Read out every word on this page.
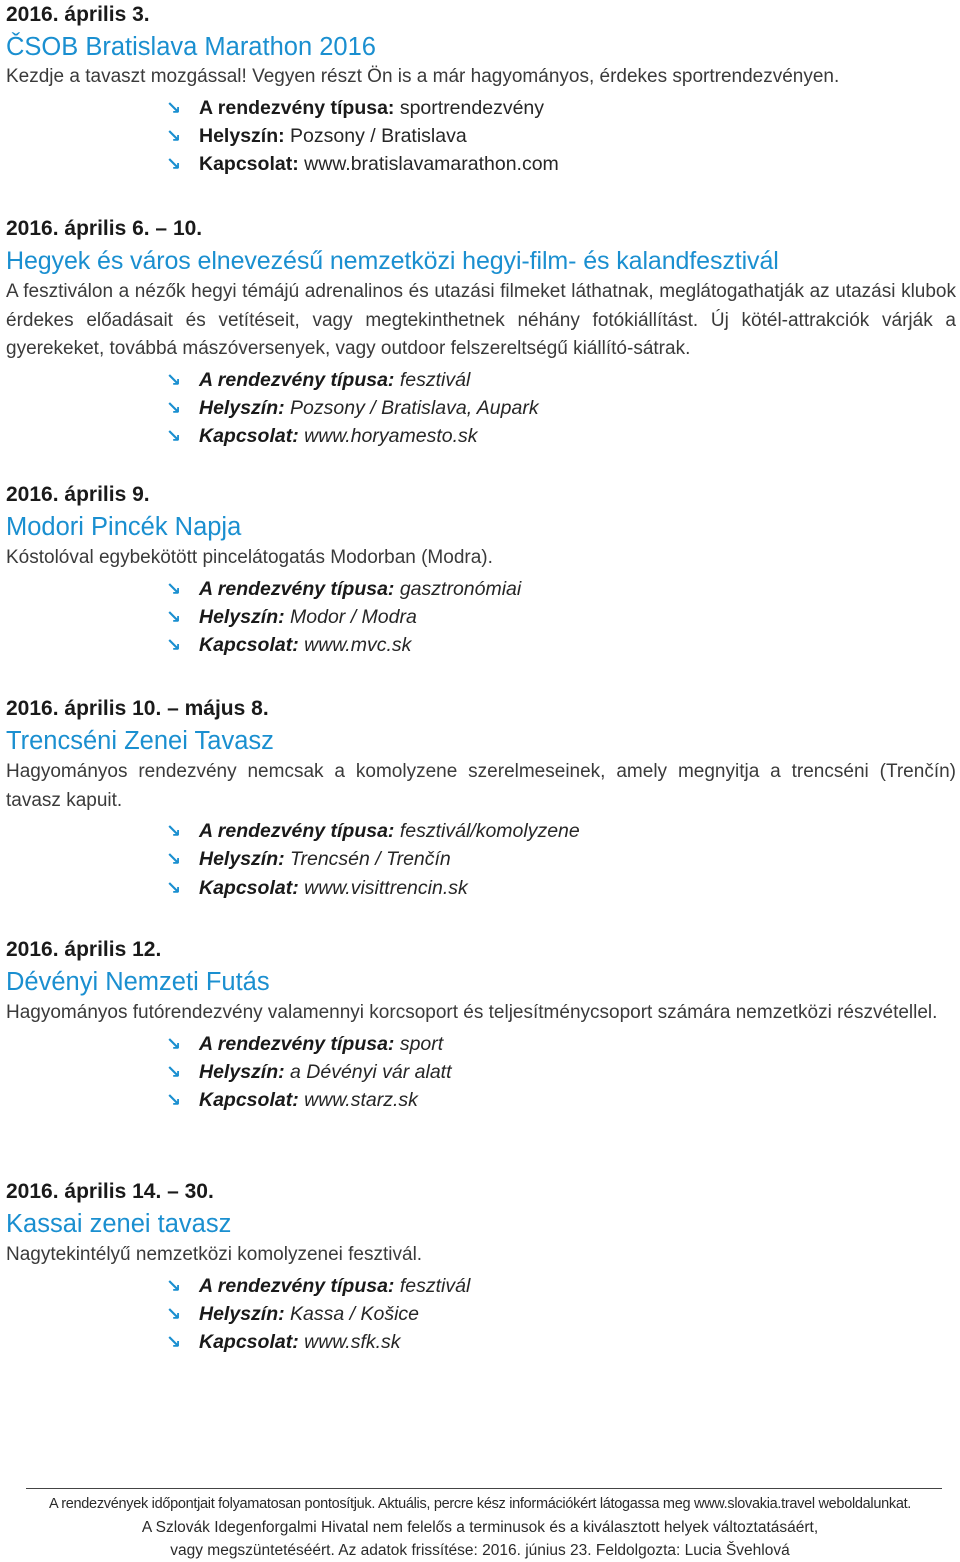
2016. április 3.
ČSOB Bratislava Marathon 2016
Kezdje a tavaszt mozgással! Vegyen részt Ön is a már hagyományos, érdekes sportrendezvényen.
↘ A rendezvény típusa: sportrendezvény
↘ Helyszín: Pozsony / Bratislava
↘ Kapcsolat: www.bratislavamarathon.com
2016. április 6. – 10.
Hegyek és város elnevezésű nemzetközi hegyi-film- és kalandfesztivál
A fesztiválon a nézők hegyi témájú adrenalinos és utazási filmeket láthatnak, meglátogathatják az utazási klubok érdekes előadásait és vetítéseit, vagy megtekinthetnek néhány fotókiállítást. Új kötél-attrakciók várják a gyerekeket, továbbá mászóversenyek, vagy outdoor felszereltségű kiállító-sátrak.
↘ A rendezvény típusa: fesztivál
↘ Helyszín: Pozsony / Bratislava, Aupark
↘ Kapcsolat: www.horyamesto.sk
2016. április 9.
Modori Pincék Napja
Kóstolóval egybekötött pincelátogatás Modorban (Modra).
↘ A rendezvény típusa: gasztronómiai
↘ Helyszín: Modor / Modra
↘ Kapcsolat: www.mvc.sk
2016. április 10. – május 8.
Trencséni Zenei Tavasz
Hagyományos rendezvény nemcsak a komolyzene szerelmeseinek, amely megnyitja a trencséni (Trenčín) tavasz kapuit.
↘ A rendezvény típusa: fesztivál/komolyzene
↘ Helyszín: Trencsén / Trenčín
↘ Kapcsolat: www.visittrencin.sk
2016. április 12.
Dévényi Nemzeti Futás
Hagyományos futórendezvény valamennyi korcsoport és teljesítménycsoport számára nemzetközi részvétellel.
↘ A rendezvény típusa: sport
↘ Helyszín: a Dévényi vár alatt
↘ Kapcsolat: www.starz.sk
2016. április 14. – 30.
Kassai zenei tavasz
Nagytekintélyű nemzetközi komolyzenei fesztivál.
↘ A rendezvény típusa: fesztivál
↘ Helyszín: Kassa / Košice
↘ Kapcsolat: www.sfk.sk
A rendezvények időpontjait folyamatosan pontosítjuk. Aktuális, percre kész információkért látogassa meg www.slovakia.travel weboldalunkat.
A Szlovák Idegenforgalmi Hivatal nem felelős a terminusok és a kiválasztott helyek változtatásáért,
vagy megszüntetéséért. Az adatok frissítése: 2016. június 23. Feldolgozta: Lucia Švehlová
